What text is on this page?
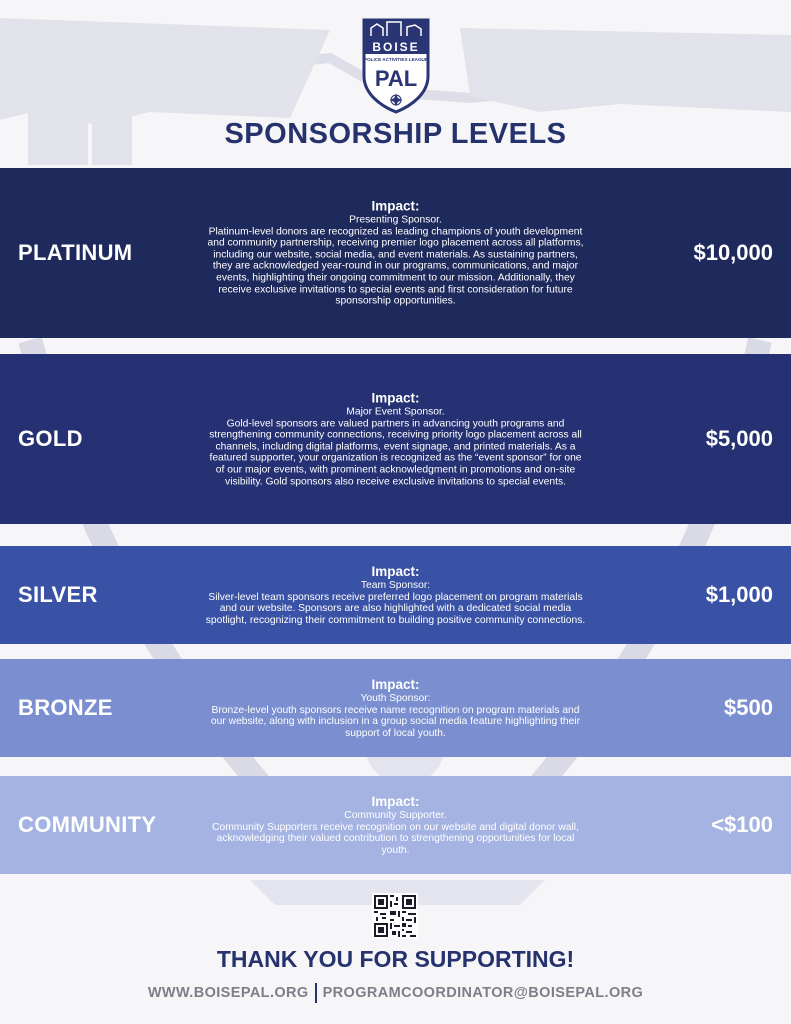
BOISE
POLICE ACTIVITIES LEAGUE
PAL
SPONSORSHIP LEVELS
PLATINUM
Impact:
Presenting Sponsor.
Platinum-level donors are recognized as leading champions of youth development and community partnership, receiving premier logo placement across all platforms, including our website, social media, and event materials. As sustaining partners, they are acknowledged year-round in our programs, communications, and major events, highlighting their ongoing commitment to our mission. Additionally, they receive exclusive invitations to special events and first consideration for future sponsorship opportunities.
$10,000
GOLD
Impact:
Major Event Sponsor.
Gold-level sponsors are valued partners in advancing youth programs and strengthening community connections, receiving priority logo placement across all channels, including digital platforms, event signage, and printed materials. As a featured supporter, your organization is recognized as the “event sponsor” for one of our major events, with prominent acknowledgment in promotions and on-site visibility. Gold sponsors also receive exclusive invitations to special events.
$5,000
SILVER
Impact:
Team Sponsor:
Silver-level team sponsors receive preferred logo placement on program materials and our website. Sponsors are also highlighted with a dedicated social media spotlight, recognizing their commitment to building positive community connections.
$1,000
BRONZE
Impact:
Youth Sponsor:
Bronze-level youth sponsors receive name recognition on program materials and our website, along with inclusion in a group social media feature highlighting their support of local youth.
$500
COMMUNITY
Impact:
Community Supporter.
Community Supporters receive recognition on our website and digital donor wall, acknowledging their valued contribution to strengthening opportunities for local youth.
<$100
THANK YOU FOR SUPPORTING!
WWW.BOISEPAL.ORG PROGRAMCOORDINATOR@BOISEPAL.ORG
